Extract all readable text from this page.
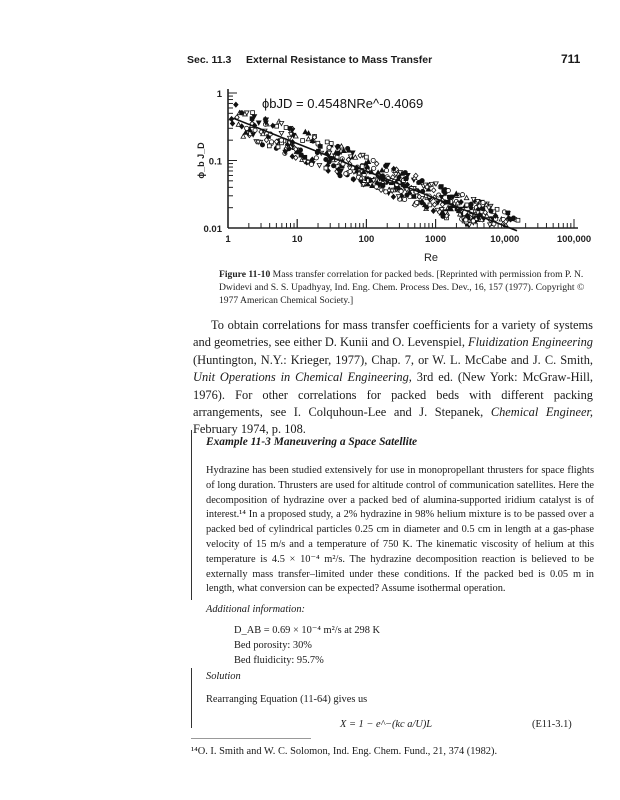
Sec. 11.3 External Resistance to Mass Transfer	711
1	10	100	1000	10,000	100,000
1
0.1
0.01
Re
ϕ_b J_D
ϕbJD = 0.4548NRe^-0.4069
Figure 11-10 Mass transfer correlation for packed beds. [Reprinted with permission from P. N. Dwidevi and S. S. Upadhyay, Ind. Eng. Chem. Process Des. Dev., 16, 157 (1977). Copyright © 1977 American Chemical Society.]
To obtain correlations for mass transfer coefficients for a variety of systems and geometries, see either D. Kunii and O. Levenspiel, Fluidization Engineering (Huntington, N.Y.: Krieger, 1977), Chap. 7, or W. L. McCabe and J. C. Smith, Unit Operations in Chemical Engineering, 3rd ed. (New York: McGraw-Hill, 1976). For other correlations for packed beds with different packing arrangements, see I. Colquhoun-Lee and J. Stepanek, Chemical Engineer, February 1974, p. 108.
Example 11-3 Maneuvering a Space Satellite
Hydrazine has been studied extensively for use in monopropellant thrusters for space flights of long duration. Thrusters are used for altitude control of communication satellites. Here the decomposition of hydrazine over a packed bed of alumina-supported iridium catalyst is of interest.¹⁴ In a proposed study, a 2% hydrazine in 98% helium mixture is to be passed over a packed bed of cylindrical particles 0.25 cm in diameter and 0.5 cm in length at a gas-phase velocity of 15 m/s and a temperature of 750 K. The kinematic viscosity of helium at this temperature is 4.5 × 10⁻⁴ m²/s. The hydrazine decomposition reaction is believed to be externally mass transfer–limited under these conditions. If the packed bed is 0.05 m in length, what conversion can be expected? Assume isothermal operation.
Additional information:
D_AB = 0.69 × 10⁻⁴ m²/s at 298 K
Bed porosity: 30%
Bed fluidicity: 95.7%
Solution
Rearranging Equation (11-64) gives us
X = 1 − e^−(kc a/U)L	(E11-3.1)
¹⁴O. I. Smith and W. C. Solomon, Ind. Eng. Chem. Fund., 21, 374 (1982).
